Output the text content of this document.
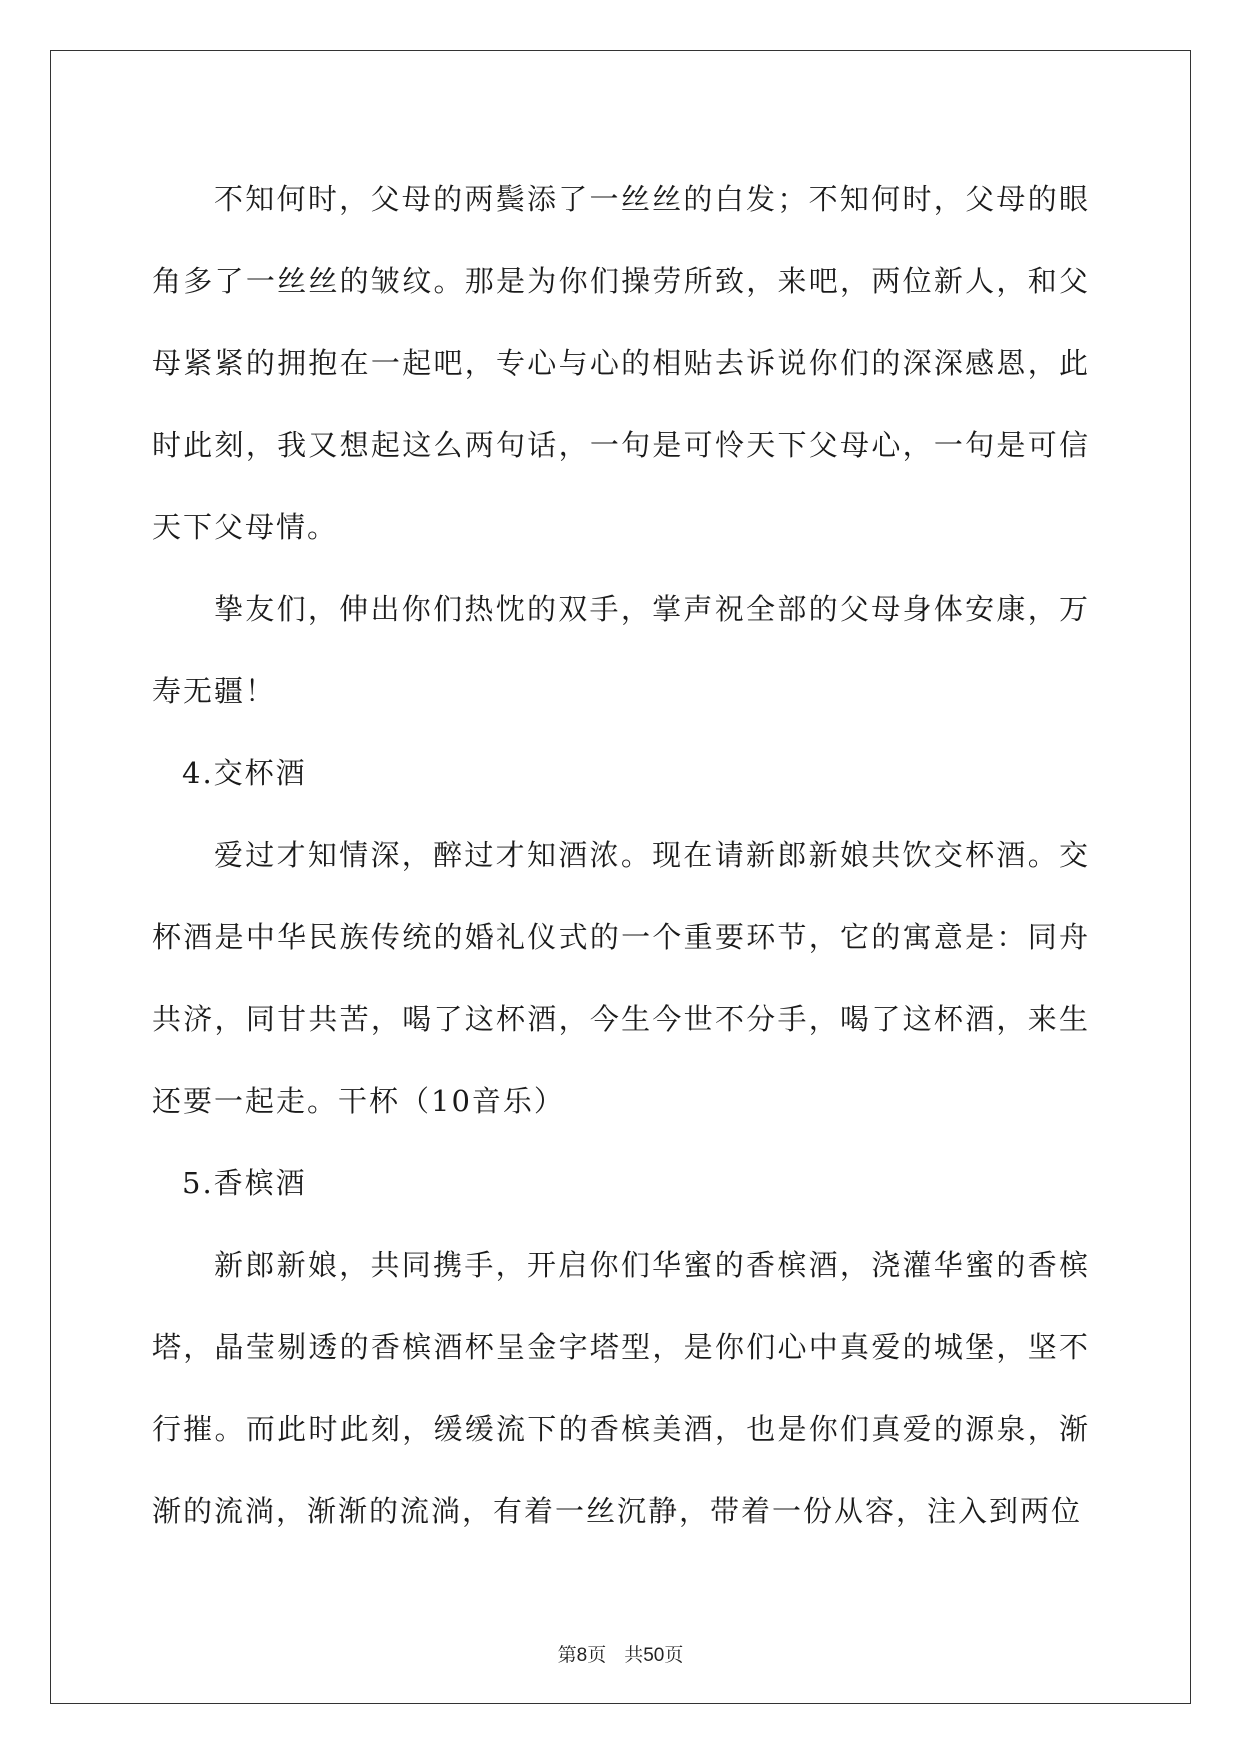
不知何时，父母的两鬓添了一丝丝的白发；不知何时，父母的眼角多了一丝丝的皱纹。那是为你们操劳所致，来吧，两位新人，和父母紧紧的拥抱在一起吧，专心与心的相贴去诉说你们的深深感恩，此时此刻，我又想起这么两句话，一句是可怜天下父母心，一句是可信天下父母情。

挚友们，伸出你们热忱的双手，掌声祝全部的父母身体安康，万寿无疆！

4.交杯酒

爱过才知情深，醉过才知酒浓。现在请新郎新娘共饮交杯酒。交杯酒是中华民族传统的婚礼仪式的一个重要环节，它的寓意是：同舟共济，同甘共苦，喝了这杯酒，今生今世不分手，喝了这杯酒，来生还要一起走。干杯（10音乐）

5.香槟酒

新郎新娘，共同携手，开启你们华蜜的香槟酒，浇灌华蜜的香槟塔，晶莹剔透的香槟酒杯呈金字塔型，是你们心中真爱的城堡，坚不行摧。而此时此刻，缓缓流下的香槟美酒，也是你们真爱的源泉，渐渐的流淌，渐渐的流淌，有着一丝沉静，带着一份从容，注入到两位

第8页 共50页
